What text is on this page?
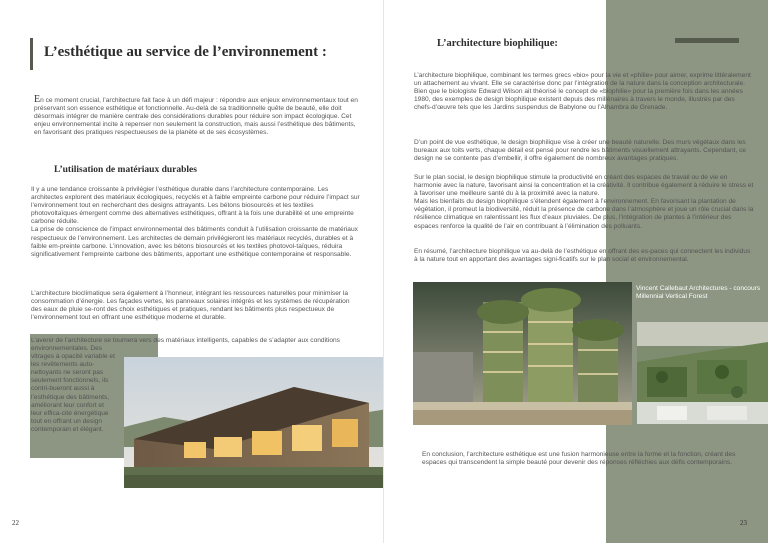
L’esthétique au service de l’environnement :

En ce moment crucial, l’architecture fait face à un défi majeur : répondre aux enjeux environnementaux tout en préservant son essence esthétique et fonctionnelle. Au-delà de sa traditionnelle quête de beauté, elle doit désormais intégrer de manière centrale des considérations durables pour réduire son impact écologique. Cet enjeu environnemental incite à repenser non seulement la construction, mais aussi l’esthétique des bâtiments, en favorisant des pratiques respectueuses de la planète et de ses écosystèmes.

L’utilisation de matériaux durables

Il y a une tendance croissante à privilégier l’esthétique durable dans l’architecture contemporaine. Les architectes explorent des matériaux écologiques, recyclés et à faible empreinte carbone pour réduire l’impact sur l’environnement tout en recherchant des designs attrayants. Les bétons biosourcés et les textiles photovoltaïques émergent comme des alternatives esthétiques, offrant à la fois une durabilité et une empreinte carbone réduite.
La prise de conscience de l’impact environnemental des bâtiments conduit à l’utilisation croissante de matériaux respectueux de l’environnement. Les architectes de demain privilégieront les matériaux recyclés, durables et à faible em-preinte carbone. L’innovation, avec les bétons biosourcés et les textiles photovol-taïques, réduira significativement l’empreinte carbone des bâtiments, apportant une esthétique contemporaine et responsable.

L’architecture bioclimatique sera également à l’honneur, intégrant les ressources naturelles pour minimiser la consommation d’énergie. Les façades vertes, les panneaux solaires intégrés et les systèmes de récupération des eaux de pluie se-ront des choix esthétiques et pratiques, rendant les bâtiments plus respectueux de l’environnement tout en offrant une esthétique moderne et durable.

L’avenir de l’architecture se tournera vers des matériaux intelligents, capables de s’adapter aux conditions

environnementales. Des vitrages à opacité variable et les revêtements auto-nettoyants ne seront pas seulement fonctionnels, ils contri-bueront aussi à l’esthétique des bâtiments, améliorant leur confort et leur effica-cité énergétique tout en offrant un design contemporain et élégant.

22
L’architecture biophilique:

L’architecture biophilique, combinant les termes grecs «bio» pour la vie et «philie» pour aimer, exprime littéralement un attachement au vivant. Elle se caractérise donc par l’intégration de la nature dans la conception architecturale. Bien que le biologiste Edward Wilson ait théorisé le concept de «biophilie» pour la première fois dans les années 1980, des exemples de design biophilique existent depuis des millénaires à travers le monde, illustrés par des chefs-d’œuvre tels que les Jardins suspendus de Babylone ou l’Alhambra de Grenade.

D’un point de vue esthétique, le design biophilique vise à créer une beauté naturelle. Des murs végétaux dans les bureaux aux toits verts, chaque détail est pensé pour rendre les bâtiments visuellement attrayants. Cependant, ce design ne se contente pas d’embellir, il offre également de nombreux avantages pratiques.

Sur le plan social, le design biophilique stimule la productivité en créant des espaces de travail ou de vie en harmonie avec la nature, favorisant ainsi la concentration et la créativité. Il contribue également à réduire le stress et à favoriser une meilleure santé du à la proximité avec la nature.
Mais les bienfaits du design biophilique s’étendent également à l’environnement. En favorisant la plantation de végétation, il promeut la biodiversité, réduit la présence de carbone dans l’atmosphère et joue un rôle crucial dans la résilience climatique en ralentissant les flux d’eaux pluviales. De plus, l’intégration de plantes à l’intérieur des espaces renforce la qualité de l’air en contribuant à l’élimination des polluants.

En résumé, l’architecture biophilique va au-delà de l’esthétique en offrant des es-paces qui connectent les individus à la nature tout en apportant des avantages signi-ficatifs sur le plan social et environnemental.

Vincent Callebaut Architectures - concours Millennial Vertical Forest

En conclusion, l’architecture esthétique est une fusion harmonieuse entre la forme et la fonction, créant des espaces qui transcendent la simple beauté pour devenir des réponses réfléchies aux défis contemporains.

23
